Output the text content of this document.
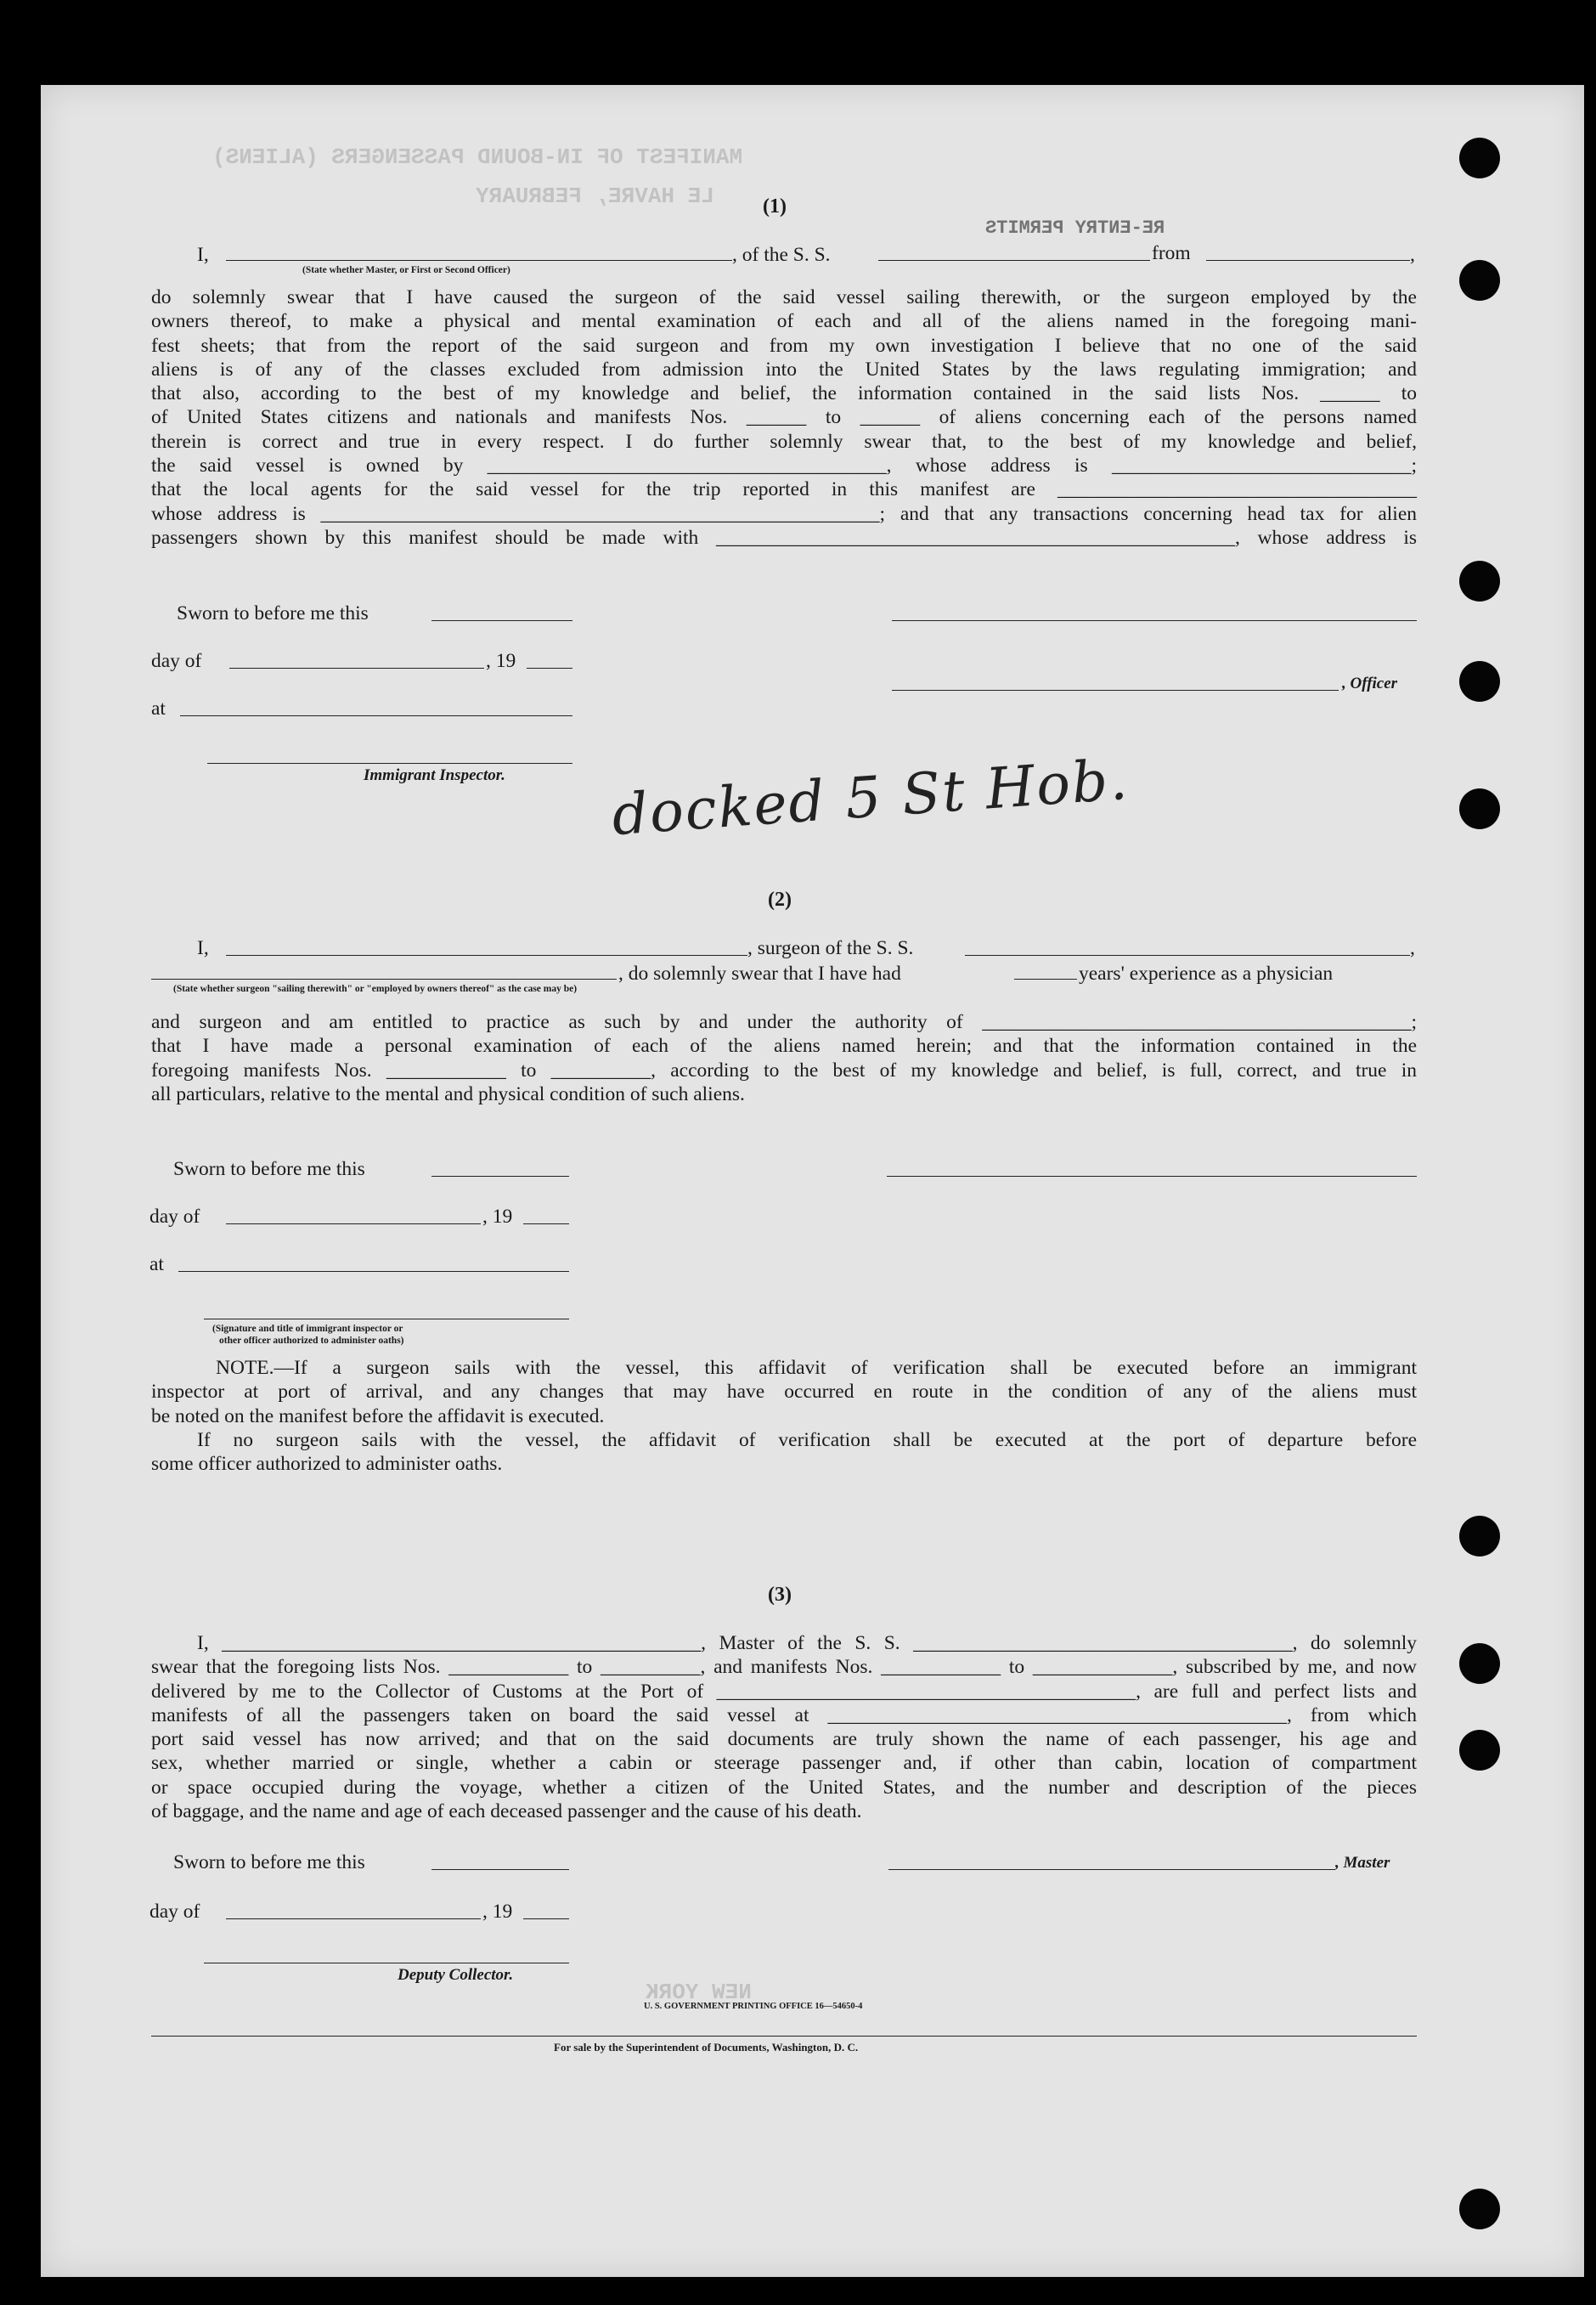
MANIFEST OF IN-BOUND PASSENGERS (ALIENS)
LE HAVRE, FEBRUARY
NEW YORK
RE-ENTRY PERMITS
(1)
I,	, of the S. S.	from	,
(State whether Master, or First or Second Officer)
do solemnly swear that I have caused the surgeon of the said vessel sailing therewith, or the surgeon employed by the
owners thereof, to make a physical and mental examination of each and all of the aliens named in the foregoing mani-
fest sheets; that from the report of the said surgeon and from my own investigation I believe that no one of the said
aliens is of any of the classes excluded from admission into the United States by the laws regulating immigration; and
that also, according to the best of my knowledge and belief, the information contained in the said lists Nos. ______ to
of United States citizens and nationals and manifests Nos. ______ to ______ of aliens concerning each of the persons named
therein is correct and true in every respect. I do further solemnly swear that, to the best of my knowledge and belief,
the said vessel is owned by ________________________________________, whose address is ______________________________;
that the local agents for the said vessel for the trip reported in this manifest are ____________________________________
whose address is ________________________________________________________; and that any transactions concerning head tax for alien
passengers shown by this manifest should be made with ____________________________________________________, whose address is
Sworn to before me this
day of	, 19
, Officer
at
Immigrant Inspector. docked 5 St Hob.
(2)
I,	, surgeon of the S. S.	,
, do solemnly swear that I have had	years' experience as a physician
(State whether surgeon "sailing therewith" or "employed by owners thereof" as the case may be)
and surgeon and am entitled to practice as such by and under the authority of ___________________________________________;
that I have made a personal examination of each of the aliens named herein; and that the information contained in the
foregoing manifests Nos. ____________ to __________, according to the best of my knowledge and belief, is full, correct, and true in
all particulars, relative to the mental and physical condition of such aliens.
Sworn to before me this
day of	, 19
at
(Signature and title of immigrant inspector or
other officer authorized to administer oaths)
NOTE.—If a surgeon sails with the vessel, this affidavit of verification shall be executed before an immigrant
inspector at port of arrival, and any changes that may have occurred en route in the condition of any of the aliens must
be noted on the manifest before the affidavit is executed.
If no surgeon sails with the vessel, the affidavit of verification shall be executed at the port of departure before
some officer authorized to administer oaths.
(3)
I, ________________________________________________, Master of the S. S. ______________________________________, do solemnly
swear that the foregoing lists Nos. ____________ to __________, and manifests Nos. ____________ to ______________, subscribed by me, and now
delivered by me to the Collector of Customs at the Port of __________________________________________, are full and perfect lists and
manifests of all the passengers taken on board the said vessel at ______________________________________________, from which
port said vessel has now arrived; and that on the said documents are truly shown the name of each passenger, his age and
sex, whether married or single, whether a cabin or steerage passenger and, if other than cabin, location of compartment
or space occupied during the voyage, whether a citizen of the United States, and the number and description of the pieces
of baggage, and the name and age of each deceased passenger and the cause of his death.
Sworn to before me this	, Master
day of	, 19
Deputy Collector.
U. S. GOVERNMENT PRINTING OFFICE 16—54650-4
For sale by the Superintendent of Documents, Washington, D. C.
